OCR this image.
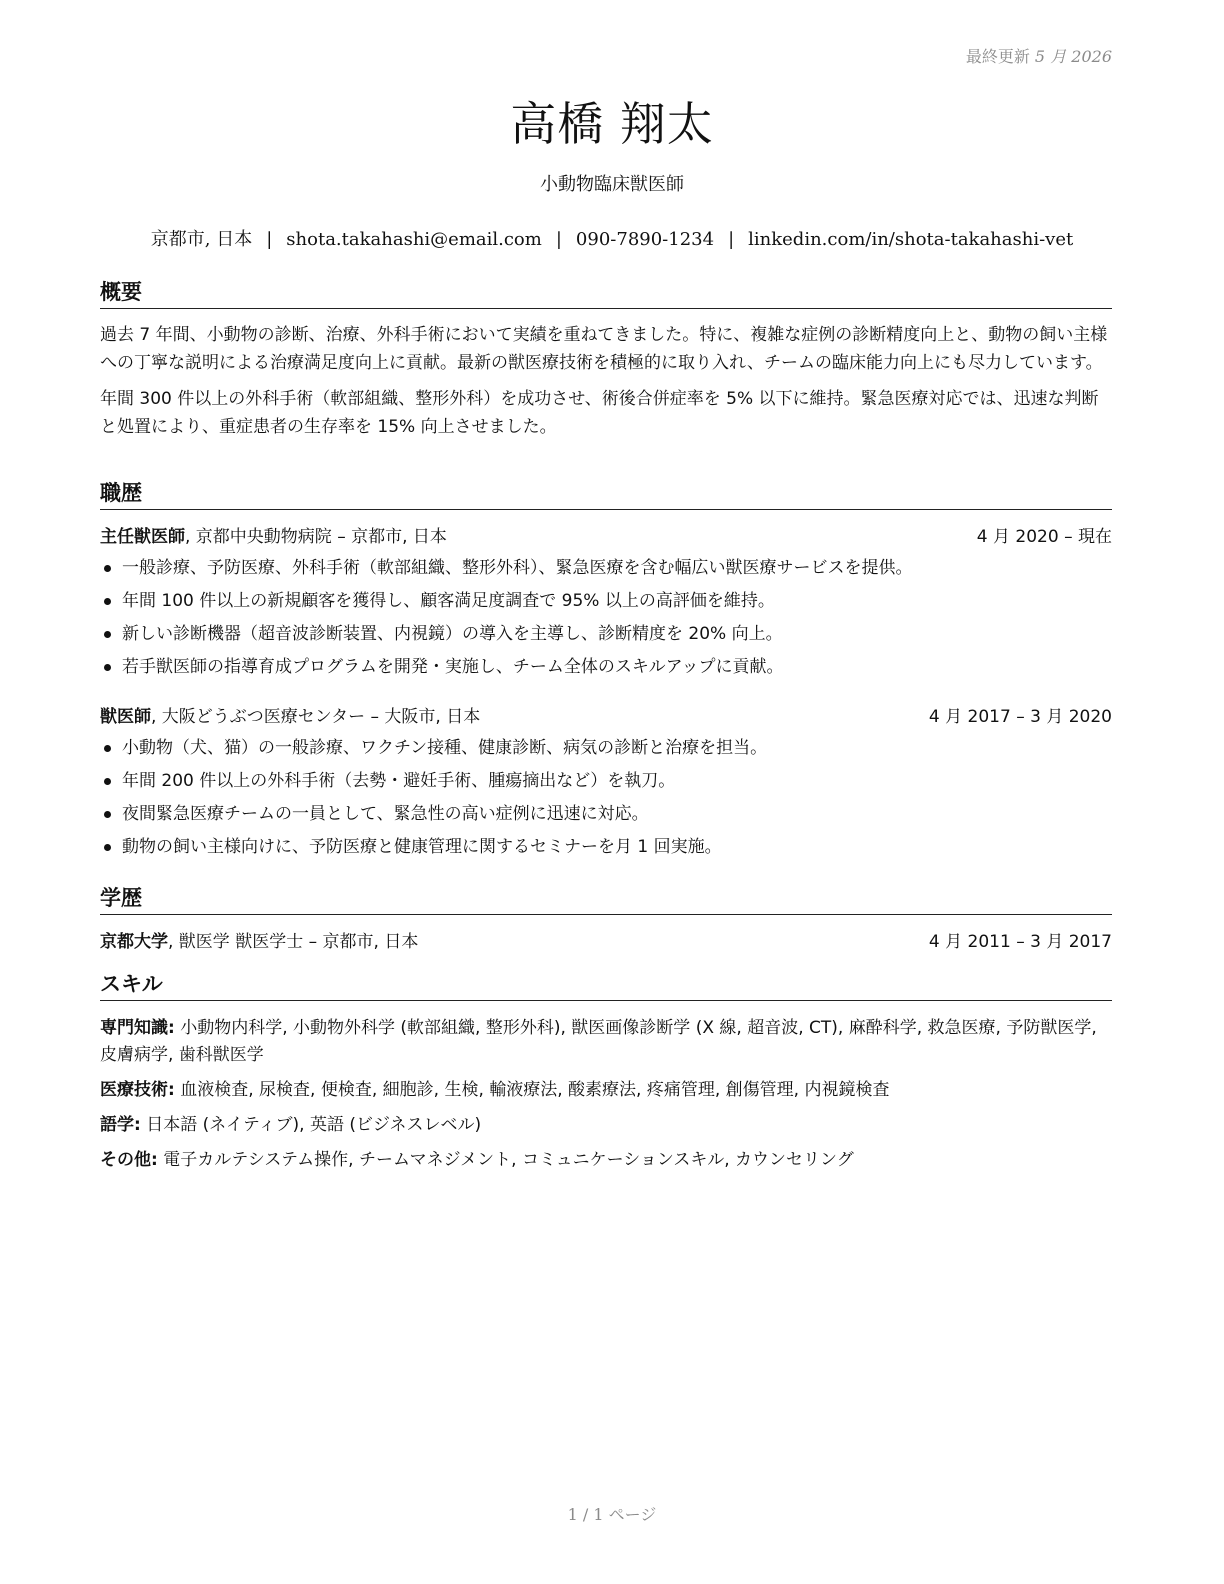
最終更新 5 月 2026
高橋 翔太
小動物臨床獣医師
京都市, 日本 | shota.takahashi@email.com | 090-7890-1234 | linkedin.com/in/shota-takahashi-vet
概要

過去 7 年間、小動物の診断、治療、外科手術において実績を重ねてきました。特に、複雑な症例の診断精度向上と、動物の飼い主様への丁寧な説明による治療満足度向上に貢献。最新の獣医療技術を積極的に取り入れ、チームの臨床能力向上にも尽力しています。

年間 300 件以上の外科手術（軟部組織、整形外科）を成功させ、術後合併症率を 5% 以下に維持。緊急医療対応では、迅速な判断と処置により、重症患者の生存率を 15% 向上させました。

職歴
主任獣医師, 京都中央動物病院 – 京都市, 日本	4 月 2020 – 現在
一般診療、予防医療、外科手術（軟部組織、整形外科）、緊急医療を含む幅広い獣医療サービスを提供。
年間 100 件以上の新規顧客を獲得し、顧客満足度調査で 95% 以上の高評価を維持。
新しい診断機器（超音波診断装置、内視鏡）の導入を主導し、診断精度を 20% 向上。
若手獣医師の指導育成プログラムを開発・実施し、チーム全体のスキルアップに貢献。
獣医師, 大阪どうぶつ医療センター – 大阪市, 日本	4 月 2017 – 3 月 2020
小動物（犬、猫）の一般診療、ワクチン接種、健康診断、病気の診断と治療を担当。
年間 200 件以上の外科手術（去勢・避妊手術、腫瘍摘出など）を執刀。
夜間緊急医療チームの一員として、緊急性の高い症例に迅速に対応。
動物の飼い主様向けに、予防医療と健康管理に関するセミナーを月 1 回実施。
学歴
京都大学, 獣医学 獣医学士 – 京都市, 日本	4 月 2011 – 3 月 2017
スキル

専門知識: 小動物内科学, 小動物外科学 (軟部組織, 整形外科), 獣医画像診断学 (X 線, 超音波, CT), 麻酔科学, 救急医療, 予防獣医学, 皮膚病学, 歯科獣医学

医療技術: 血液検査, 尿検査, 便検査, 細胞診, 生検, 輸液療法, 酸素療法, 疼痛管理, 創傷管理, 内視鏡検査

語学: 日本語 (ネイティブ), 英語 (ビジネスレベル)

その他: 電子カルテシステム操作, チームマネジメント, コミュニケーションスキル, カウンセリング

1 / 1 ページ
